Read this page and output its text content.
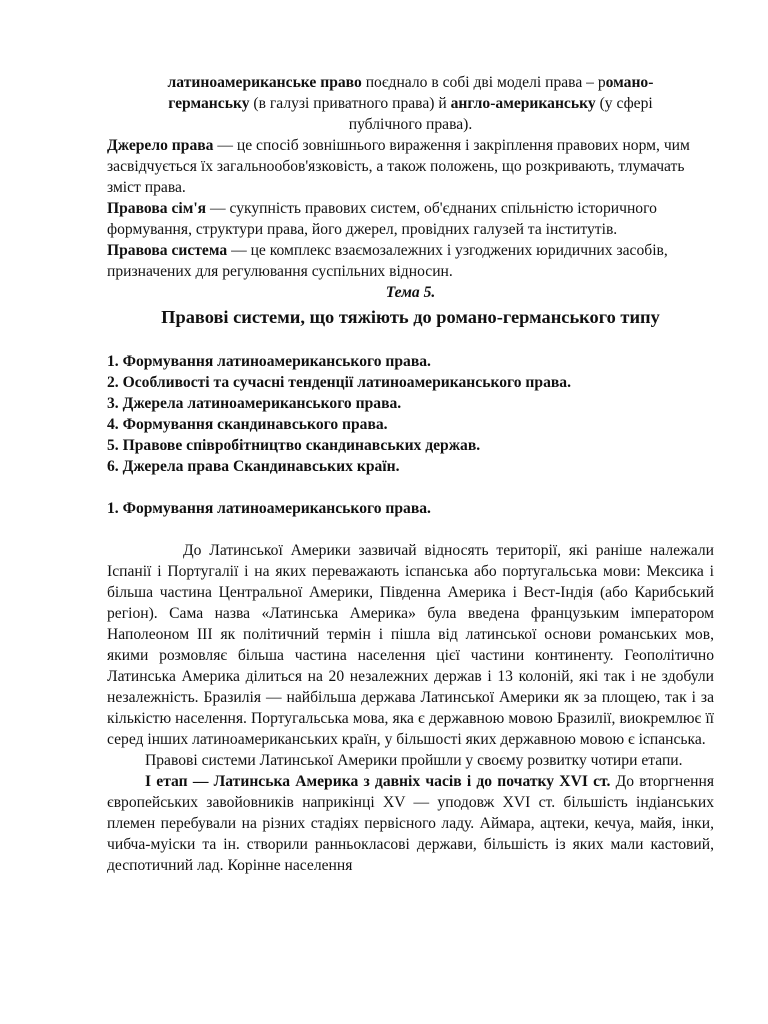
латиноамериканське право поєднало в собі дві моделі права – романо-германську (в галузі приватного права) й англо-американську (у сфері публічного права).

Джерело права — це спосіб зовнішнього вираження і закріплення правових норм, чим засвідчується їх загальнообов'язковість, а також положень, що розкривають, тлумачать зміст права.

Правова сім'я — сукупність правових систем, об'єднаних спільністю історичного формування, структури права, його джерел, провідних галузей та інститутів.

Правова система — це комплекс взаємозалежних і узгоджених юридичних засобів, призначених для регулювання суспільних відносин.

Тема 5.

Правові системи, що тяжіють до романо-германського типу

1. Формування латиноамериканського права.
2. Особливості та сучасні тенденції латиноамериканського права.
3. Джерела латиноамериканського права.
4. Формування скандинавського права.
5. Правове співробітництво скандинавських держав.
6. Джерела права Скандинавських країн.

1. Формування латиноамериканського права.

До Латинської Америки зазвичай відносять території, які раніше належали Іспанії і Португалії і на яких переважають іспанська або португальська мови: Мексика і більша частина Центральної Америки, Південна Америка і Вест-Індія (або Карибський регіон). Сама назва «Латинська Америка» була введена французьким імператором Наполеоном III як політичний термін і пішла від латинської основи романських мов, якими розмовляє більша частина населення цієї частини континенту. Геополітично Латинська Америка ділиться на 20 незалежних держав і 13 колоній, які так і не здобули незалежність. Бразилія — найбільша держава Латинської Америки як за площею, так і за кількістю населення. Португальська мова, яка є державною мовою Бразилії, виокремлює її серед інших латиноамериканських країн, у більшості яких державною мовою є іспанська.

Правові системи Латинської Америки пройшли у своєму розвитку чотири етапи.

I етап — Латинська Америка з давніх часів і до початку XVI ст. До вторгнення європейських завойовників наприкінці XV — уподовж XVI ст. більшість індіанських племен перебували на різних стадіях первісного ладу. Аймара, ацтеки, кечуа, майя, інки, чибча-муіски та ін. створили ранньокласові держави, більшість із яких мали кастовий, деспотичний лад. Корінне населення
